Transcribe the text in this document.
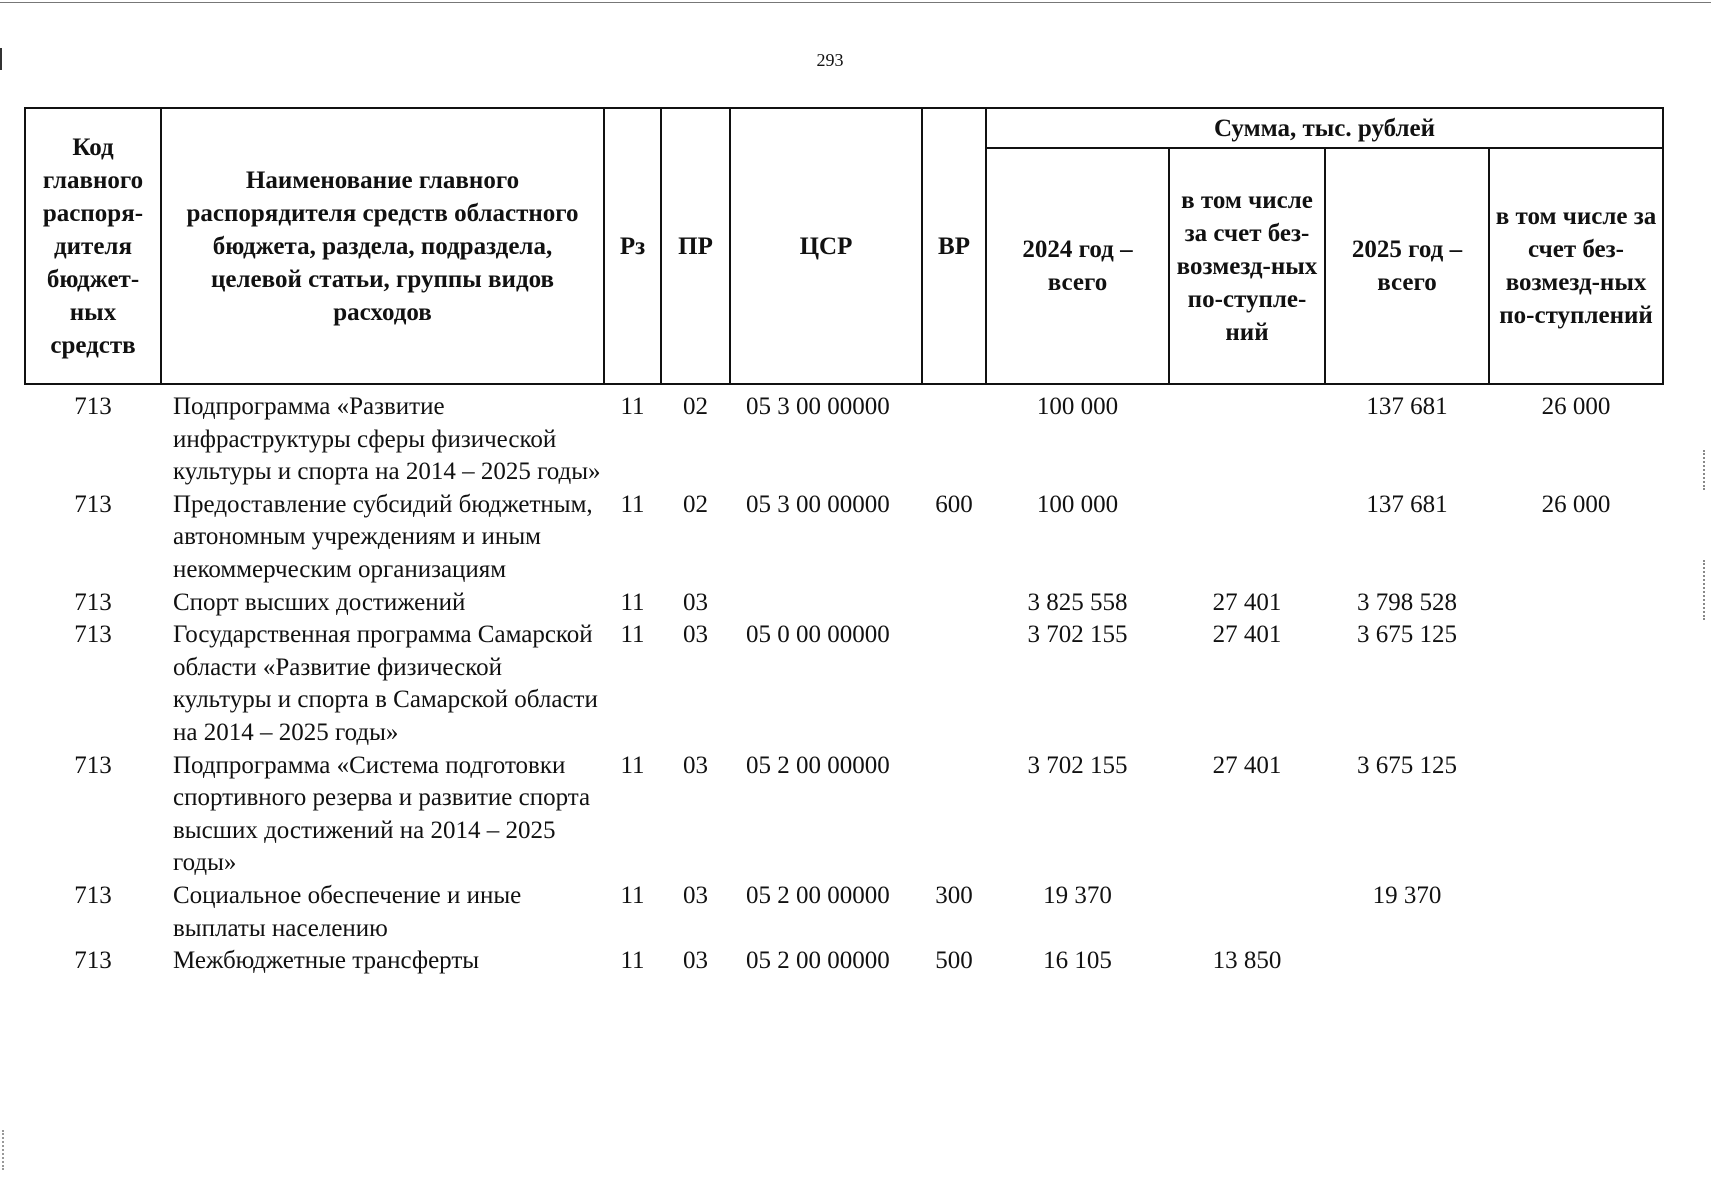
293
Код главного распоря-дителя бюджет-ных средств	Наименование главного распорядителя средств областного бюджета, раздела, подраздела, целевой статьи, группы видов расходов	Рз	ПР	ЦСР	ВР	Сумма, тыс. рублей			
						2024 год – всего	в том числе за счет без-возмезд-ных по-ступле-ний	2025 год – всего	в том числе за счет без-возмезд-ных по-ступлений
713	Подпрограмма «Развитие инфраструктуры сферы физической культуры и спорта на 2014 – 2025 годы»	11	02	05 3 00 00000		100 000		137 681	26 000
713	Предоставление субсидий бюджетным, автономным учреждениям и иным некоммерческим организациям	11	02	05 3 00 00000	600	100 000		137 681	26 000
713	Спорт высших достижений	11	03			3 825 558	27 401	3 798 528	
713	Государственная программа Самарской области «Развитие физической культуры и спорта в Самарской области на 2014 – 2025 годы»	11	03	05 0 00 00000		3 702 155	27 401	3 675 125	
713	Подпрограмма «Система подготовки спортивного резерва и развитие спорта высших достижений на 2014 – 2025 годы»	11	03	05 2 00 00000		3 702 155	27 401	3 675 125	
713	Социальное обеспечение и иные выплаты населению	11	03	05 2 00 00000	300	19 370		19 370	
713	Межбюджетные трансферты	11	03	05 2 00 00000	500	16 105	13 850		
